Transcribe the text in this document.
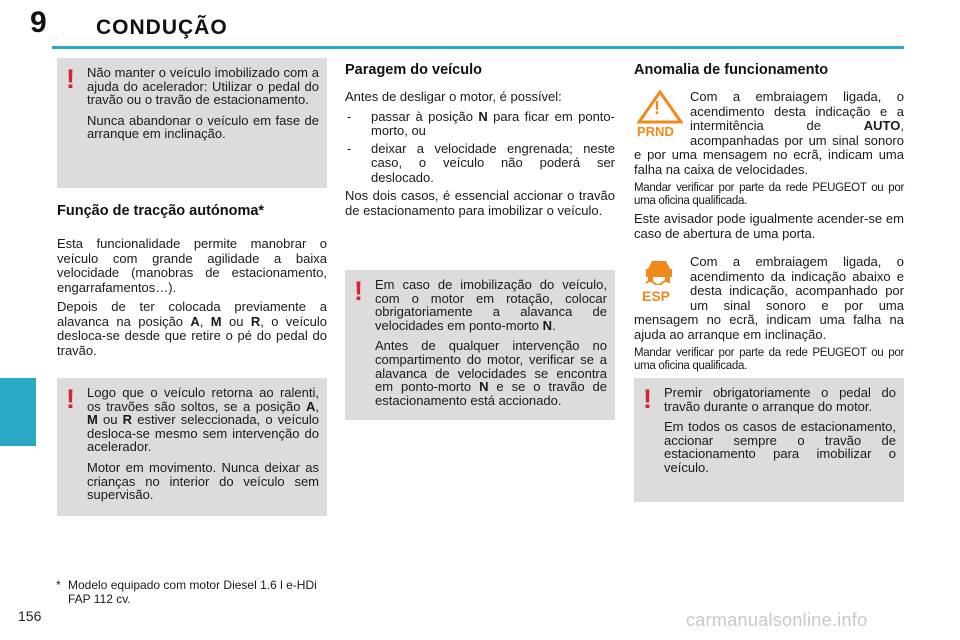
9 CONDUÇÃO
! Não manter o veículo imobilizado com a ajuda do acelerador: Utilizar o pedal do travão ou o travão de estacionamento.

Nunca abandonar o veículo em fase de arranque em inclinação.

Função de tracção autónoma*

Esta funcionalidade permite manobrar o veículo com grande agilidade a baixa velocidade (manobras de estacionamento, engarrafamentos…).

Depois de ter colocada previamente a alavanca na posição A, M ou R, o veículo desloca-se desde que retire o pé do pedal do travão.

! Logo que o veículo retorna ao ralenti, os travões são soltos, se a posição A, M ou R estiver seleccionada, o veículo desloca-se mesmo sem intervenção do acelerador.

Motor em movimento. Nunca deixar as crianças no interior do veículo sem supervisão.

* Modelo equipado com motor Diesel 1.6 l e-HDi FAP 112 cv.
Paragem do veículo

Antes de desligar o motor, é possível:

- passar à posição N para ficar em ponto-morto, ou
- deixar a velocidade engrenada; neste caso, o veículo não poderá ser deslocado.

Nos dois casos, é essencial accionar o travão de estacionamento para imobilizar o veículo.

! Em caso de imobilização do veículo, com o motor em rotação, colocar obrigatoriamente a alavanca de velocidades em ponto-morto N.

Antes de qualquer intervenção no compartimento do motor, verificar se a alavanca de velocidades se encontra em ponto-morto N e se o travão de estacionamento está accionado.

Anomalia de funcionamento
!
PRND

Com a embraiagem ligada, o acendimento desta indicação e a intermitência de AUTO, acompanhadas por um sinal sonoro e por uma mensagem no ecrã, indicam uma falha na caixa de velocidades.

Mandar verificar por parte da rede PEUGEOT ou por uma oficina qualificada.

Este avisador pode igualmente acender-se em caso de abertura de uma porta.

ESP

Com a embraiagem ligada, o acendimento da indicação abaixo e desta indicação, acompanhado por um sinal sonoro e por uma mensagem no ecrã, indicam uma falha na ajuda ao arranque em inclinação.

Mandar verificar por parte da rede PEUGEOT ou por uma oficina qualificada.

! Premir obrigatoriamente o pedal do travão durante o arranque do motor.

Em todos os casos de estacionamento, accionar sempre o travão de estacionamento para imobilizar o veículo.

156	carmanualsonline.info
